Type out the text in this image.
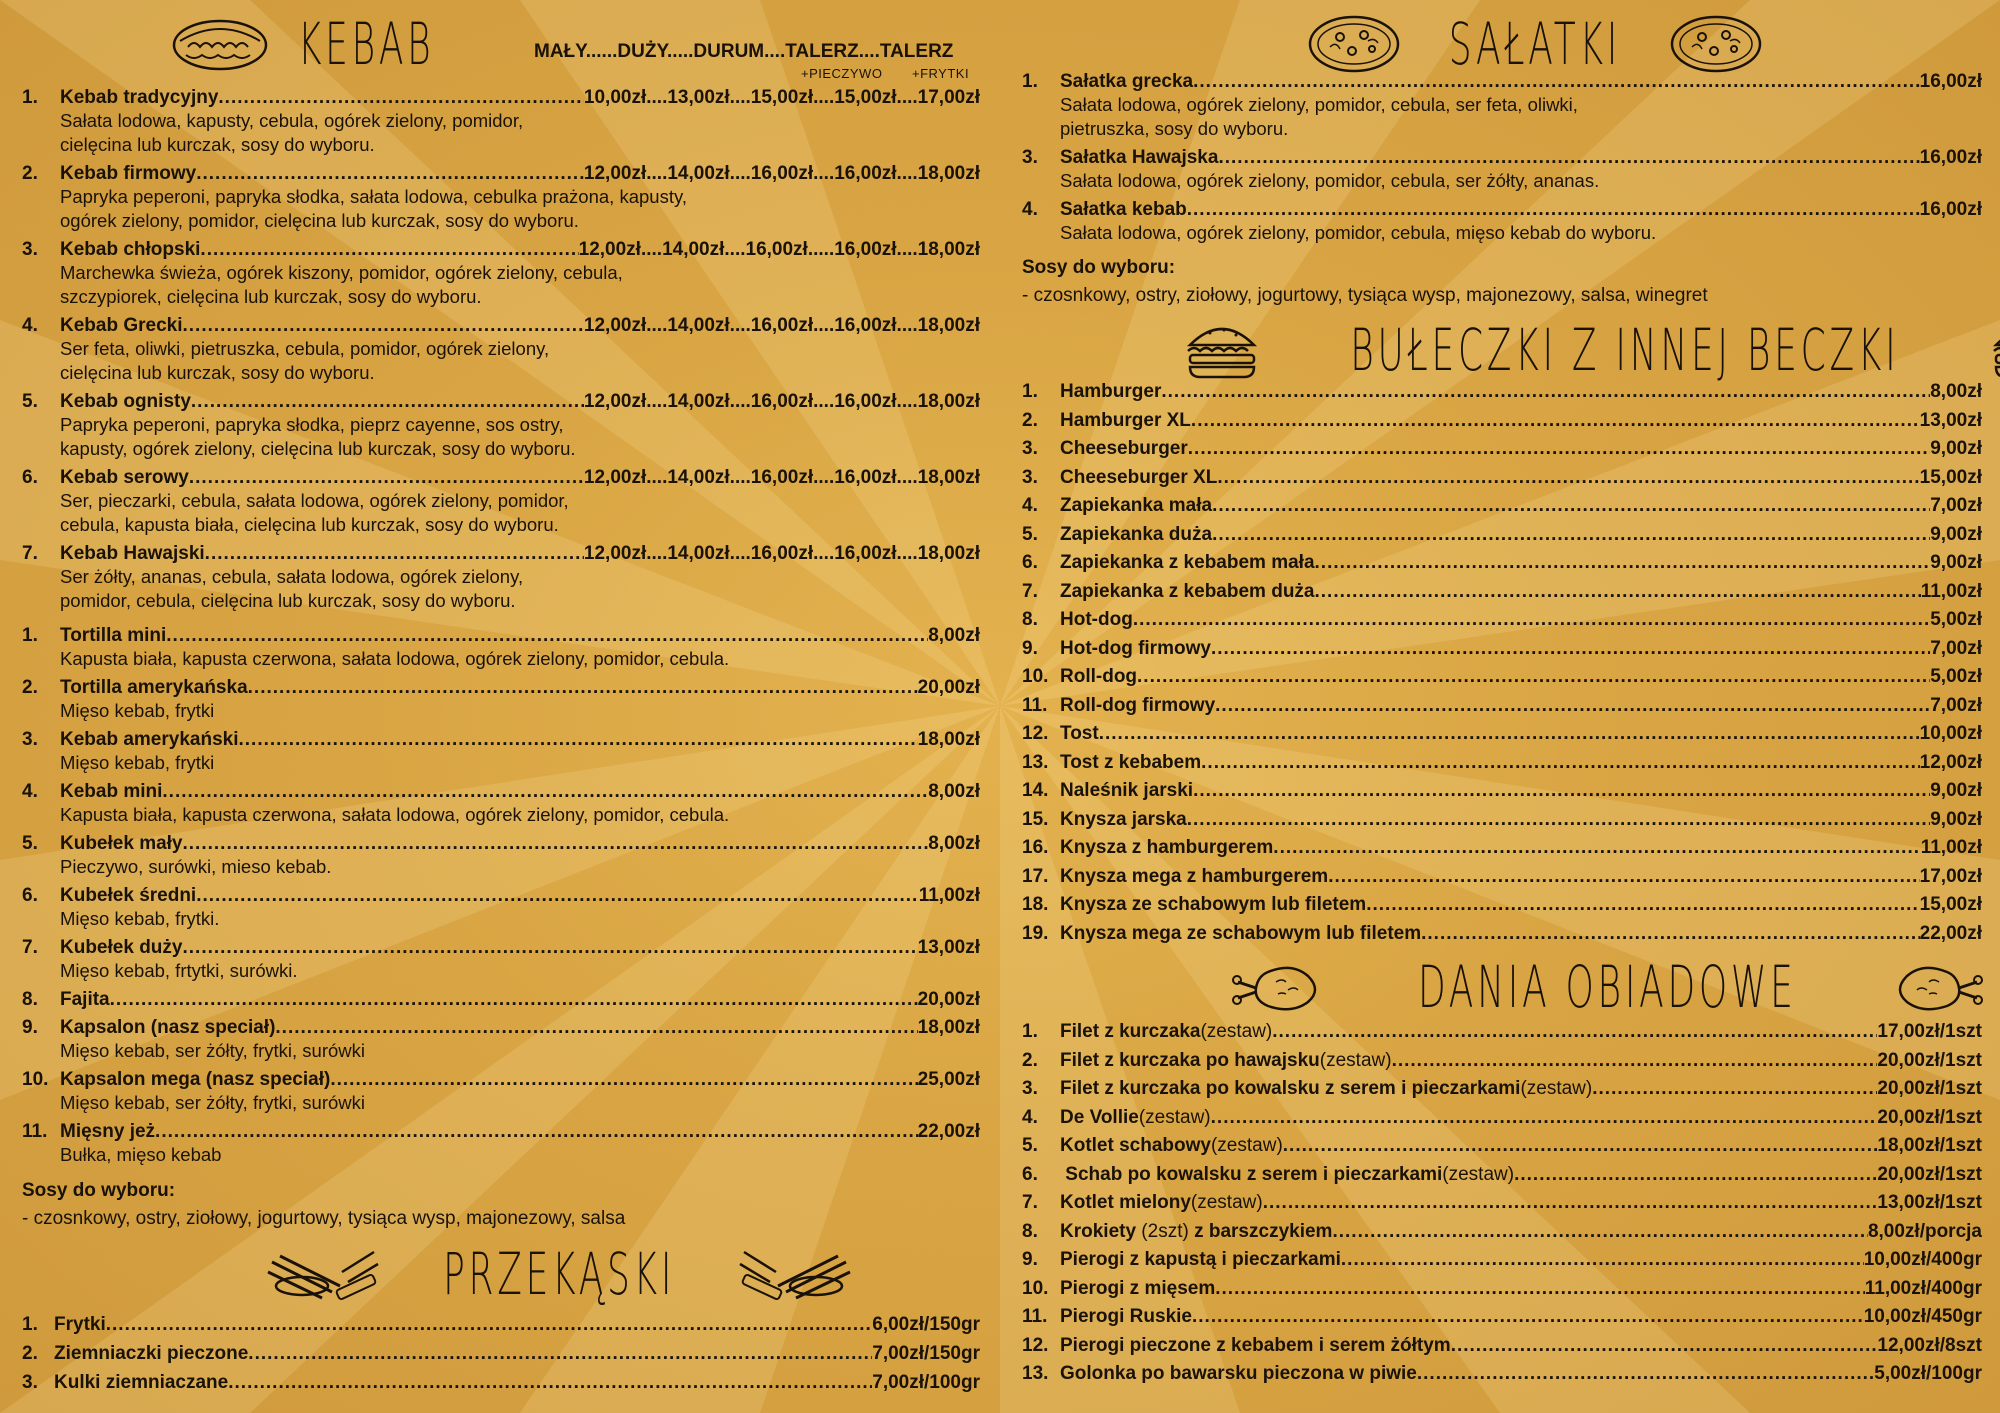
KEBAB	MAŁY......DUŻY.....DURUM....TALERZ....TALERZ
+PIECZYWO +FRYTKI
1.	Kebab tradycyjny .....	10,00zł....13,00zł....15,00zł....15,00zł....17,00zł
Sałata lodowa, kapusty, cebula, ogórek zielony, pomidor,
cielęcina lub kurczak, sosy do wyboru.
2.	Kebab firmowy .....	12,00zł....14,00zł....16,00zł....16,00zł....18,00zł
Papryka peperoni, papryka słodka, sałata lodowa, cebulka prażona, kapusty,
ogórek zielony, pomidor, cielęcina lub kurczak, sosy do wyboru.
3.	Kebab chłopski .....	12,00zł....14,00zł....16,00zł.....16,00zł....18,00zł
Marchewka świeża, ogórek kiszony, pomidor, ogórek zielony, cebula,
szczypiorek, cielęcina lub kurczak, sosy do wyboru.
4.	Kebab Grecki .....	12,00zł....14,00zł....16,00zł....16,00zł....18,00zł
Ser feta, oliwki, pietruszka, cebula, pomidor, ogórek zielony,
cielęcina lub kurczak, sosy do wyboru.
5.	Kebab ognisty .....	12,00zł....14,00zł....16,00zł....16,00zł....18,00zł
Papryka peperoni, papryka słodka, pieprz cayenne, sos ostry,
kapusty, ogórek zielony, cielęcina lub kurczak, sosy do wyboru.
6.	Kebab serowy .....	12,00zł....14,00zł....16,00zł....16,00zł....18,00zł
Ser, pieczarki, cebula, sałata lodowa, ogórek zielony, pomidor,
cebula, kapusta biała, cielęcina lub kurczak, sosy do wyboru.
7.	Kebab Hawajski .....	12,00zł....14,00zł....16,00zł....16,00zł....18,00zł
Ser żółty, ananas, cebula, sałata lodowa, ogórek zielony,
pomidor, cebula, cielęcina lub kurczak, sosy do wyboru.
1.	Tortilla mini .....	8,00zł
Kapusta biała, kapusta czerwona, sałata lodowa, ogórek zielony, pomidor, cebula.
2.	Tortilla amerykańska .....	20,00zł
Mięso kebab, frytki
3.	Kebab amerykański .....	18,00zł
Mięso kebab, frytki
4.	Kebab mini .....	8,00zł
Kapusta biała, kapusta czerwona, sałata lodowa, ogórek zielony, pomidor, cebula.
5.	Kubełek mały .....	8,00zł
Pieczywo, surówki, mieso kebab.
6.	Kubełek średni .....	11,00zł
Mięso kebab, frytki.
7.	Kubełek duży .....	13,00zł
Mięso kebab, frtytki, surówki.
8.	Fajita .....	20,00zł
9.	Kapsalon (nasz speciał) .....	18,00zł
Mięso kebab, ser żółty, frytki, surówki
10. Kapsalon mega (nasz speciał) .....	25,00zł
Mięso kebab, ser żółty, frytki, surówki
11. Mięsny jeż .....	22,00zł
Bułka, mięso kebab
Sosy do wyboru:
- czosnkowy, ostry, ziołowy, jogurtowy, tysiąca wysp, majonezowy, salsa
PRZEKĄSKI
1. Frytki .....	6,00zł/150gr
2. Ziemniaczki pieczone .....	7,00zł/150gr
3. Kulki ziemniaczane .....	7,00zł/100gr
SAŁATKI
1.	Sałatka grecka .....	16,00zł
Sałata lodowa, ogórek zielony, pomidor, cebula, ser feta, oliwki,
pietruszka, sosy do wyboru.
3.	Sałatka Hawajska .....	16,00zł
Sałata lodowa, ogórek zielony, pomidor, cebula, ser żółty, ananas.
4.	Sałatka kebab .....	16,00zł
Sałata lodowa, ogórek zielony, pomidor, cebula, mięso kebab do wyboru.
Sosy do wyboru:
- czosnkowy, ostry, ziołowy, jogurtowy, tysiąca wysp, majonezowy, salsa, winegret
BUŁECZKI Z INNEJ BECZKI
1.	Hamburger .....	8,00zł
2.	Hamburger XL .....	13,00zł
3.	Cheeseburger .....	9,00zł
3.	Cheeseburger XL .....	15,00zł
4.	Zapiekanka mała .....	7,00zł
5.	Zapiekanka duża .....	9,00zł
6.	Zapiekanka z kebabem mała .....	9,00zł
7.	Zapiekanka z kebabem duża .....	11,00zł
8.	Hot-dog .....	5,00zł
9.	Hot-dog firmowy .....	7,00zł
10. Roll-dog .....	5,00zł
11. Roll-dog firmowy .....	7,00zł
12. Tost .....	10,00zł
13. Tost z kebabem .....	12,00zł
14. Naleśnik jarski .....	9,00zł
15. Knysza jarska .....	9,00zł
16. Knysza z hamburgerem .....	11,00zł
17. Knysza mega z hamburgerem .....	17,00zł
18. Knysza ze schabowym lub filetem .....	15,00zł
19. Knysza mega ze schabowym lub filetem .....	22,00zł
DANIA OBIADOWE
1.	Filet z kurczaka (zestaw) .....	17,00zł/1szt
2.	Filet z kurczaka po hawajsku (zestaw) .....	20,00zł/1szt
3.	Filet z kurczaka po kowalsku z serem i pieczarkami (zestaw) .....	20,00zł/1szt
4.	De Vollie (zestaw) .....	20,00zł/1szt
5.	Kotlet schabowy (zestaw) .....	18,00zł/1szt
6.	Schab po kowalsku z serem i pieczarkami (zestaw) .....	20,00zł/1szt
7.	Kotlet mielony (zestaw) .....	13,00zł/1szt
8.	Krokiety (2szt) z barszczykiem .....	8,00zł/porcja
9.	Pierogi z kapustą i pieczarkami .....	10,00zł/400gr
10. Pierogi z mięsem .....	11,00zł/400gr
11. Pierogi Ruskie .....	10,00zł/450gr
12. Pierogi pieczone z kebabem i serem żółtym .....	12,00zł/8szt
13. Golonka po bawarsku pieczona w piwie .....	5,00zł/100gr
